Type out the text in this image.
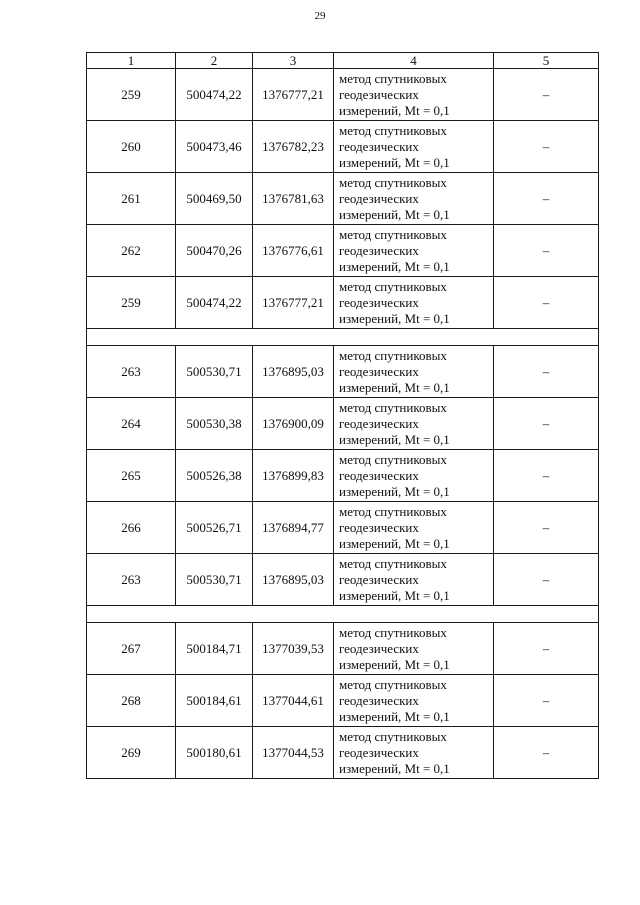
29
1	2	3	4	5
259	500474,22	1376777,21	метод спутниковых
геодезических
измерений, Mt = 0,1	–
260	500473,46	1376782,23	метод спутниковых
геодезических
измерений, Mt = 0,1	–
261	500469,50	1376781,63	метод спутниковых
геодезических
измерений, Mt = 0,1	–
262	500470,26	1376776,61	метод спутниковых
геодезических
измерений, Mt = 0,1	–
259	500474,22	1376777,21	метод спутниковых
геодезических
измерений, Mt = 0,1	–

263	500530,71	1376895,03	метод спутниковых
геодезических
измерений, Mt = 0,1	–
264	500530,38	1376900,09	метод спутниковых
геодезических
измерений, Mt = 0,1	–
265	500526,38	1376899,83	метод спутниковых
геодезических
измерений, Mt = 0,1	–
266	500526,71	1376894,77	метод спутниковых
геодезических
измерений, Mt = 0,1	–
263	500530,71	1376895,03	метод спутниковых
геодезических
измерений, Mt = 0,1	–

267	500184,71	1377039,53	метод спутниковых
геодезических
измерений, Mt = 0,1	–
268	500184,61	1377044,61	метод спутниковых
геодезических
измерений, Mt = 0,1	–
269	500180,61	1377044,53	метод спутниковых
геодезических
измерений, Mt = 0,1	–
